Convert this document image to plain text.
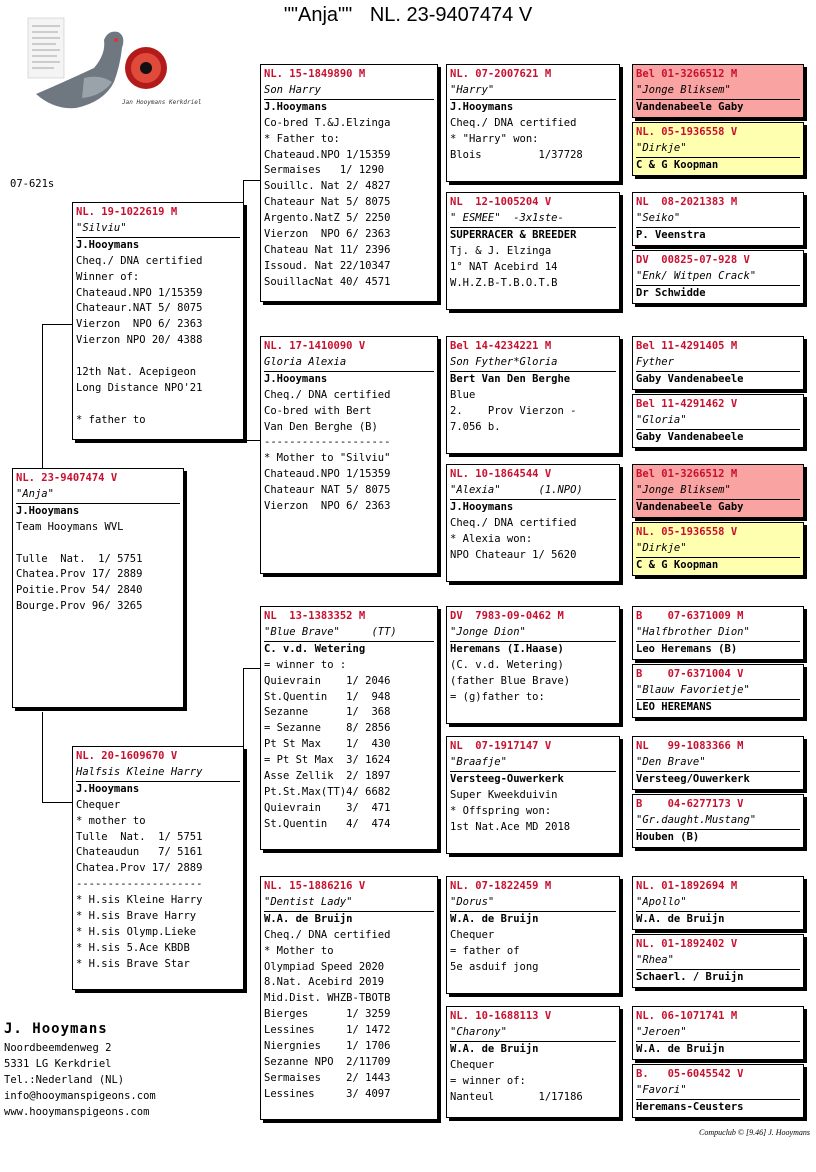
""Anja"" NL. 23-9407474 V
Jan Hooymans Kerkdriel
07-621s
NL. 23-9407474 V
"Anja"
J.Hooymans
Team Hooymans WVL

Tulle  Nat.  1/ 5751
Chatea.Prov 17/ 2889
Poitie.Prov 54/ 2840
Bourge.Prov 96/ 3265
NL. 19-1022619 M
"Silviu"
J.Hooymans
Cheq./ DNA certified
Winner of:
Chateaud.NPO 1/15359
Chateaur.NAT 5/ 8075
Vierzon  NPO 6/ 2363
Vierzon NPO 20/ 4388

12th Nat. Acepigeon
Long Distance NPO'21

* father to
NL. 20-1609670 V
Halfsis Kleine Harry
J.Hooymans
Chequer
* mother to
Tulle  Nat.  1/ 5751
Chateaudun   7/ 5161
Chatea.Prov 17/ 2889
--------------------
* H.sis Kleine Harry
* H.sis Brave Harry
* H.sis Olymp.Lieke
* H.sis 5.Ace KBDB
* H.sis Brave Star
NL. 15-1849890 M
Son Harry
J.Hooymans
Co-bred T.&J.Elzinga
* Father to:
Chateaud.NPO 1/15359
Sermaises   1/ 1290
Souillc. Nat 2/ 4827
Chateaur Nat 5/ 8075
Argento.NatZ 5/ 2250
Vierzon  NPO 6/ 2363
Chateau Nat 11/ 2396
Issoud. Nat 22/10347
SouillacNat 40/ 4571
NL. 17-1410090 V
Gloria Alexia
J.Hooymans
Cheq./ DNA certified
Co-bred with Bert
Van Den Berghe (B)
--------------------
* Mother to "Silviu"
Chateaud.NPO 1/15359
Chateaur NAT 5/ 8075
Vierzon  NPO 6/ 2363
NL  13-1383352 M
"Blue Brave"     (TT)
C. v.d. Wetering
= winner to :
Quievrain    1/ 2046
St.Quentin   1/  948
Sezanne      1/  368
= Sezanne    8/ 2856
Pt St Max    1/  430
= Pt St Max  3/ 1624
Asse Zellik  2/ 1897
Pt.St.Max(TT)4/ 6682
Quievrain    3/  471
St.Quentin   4/  474
NL. 15-1886216 V
"Dentist Lady"
W.A. de Bruijn
Cheq./ DNA certified
* Mother to
Olympiad Speed 2020
8.Nat. Acebird 2019
Mid.Dist. WHZB-TBOTB
Bierges      1/ 3259
Lessines     1/ 1472
Niergnies    1/ 1706
Sezanne NPO  2/11709
Sermaises    2/ 1443
Lessines     3/ 4097
NL. 07-2007621 M
"Harry"
J.Hooymans
Cheq./ DNA certified
* "Harry" won:
Blois         1/37728
NL  12-1005204 V
" ESMEE"  -3x1ste-
SUPERRACER & BREEDER
Tj. & J. Elzinga
1° NAT Acebird 14
W.H.Z.B-T.B.O.T.B
Bel 14-4234221 M
Son Fyther*Gloria
Bert Van Den Berghe
Blue
2.    Prov Vierzon -
7.056 b.
NL. 10-1864544 V
"Alexia"      (1.NPO)
J.Hooymans
Cheq./ DNA certified
* Alexia won:
NPO Chateaur 1/ 5620
DV  7983-09-0462 M
"Jonge Dion"
Heremans (I.Haase)
(C. v.d. Wetering)
(father Blue Brave)
= (g)father to:
NL  07-1917147 V
"Braafje"
Versteeg-Ouwerkerk
Super Kweekduivin
* Offspring won:
1st Nat.Ace MD 2018
NL. 07-1822459 M
"Dorus"
W.A. de Bruijn
Chequer
= father of
5e asduif jong
NL. 10-1688113 V
"Charony"
W.A. de Bruijn
Chequer
= winner of:
Nanteul       1/17186
Bel 01-3266512 M
"Jonge Bliksem"
Vandenabeele Gaby
NL. 05-1936558 V
"Dirkje"
C & G Koopman
NL  08-2021383 M
"Seiko"
P. Veenstra
DV  00825-07-928 V
"Enk/ Witpen Crack"
Dr Schwidde
Bel 11-4291405 M
Fyther
Gaby Vandenabeele
Bel 11-4291462 V
"Gloria"
Gaby Vandenabeele
Bel 01-3266512 M
"Jonge Bliksem"
Vandenabeele Gaby
NL. 05-1936558 V
"Dirkje"
C & G Koopman
B    07-6371009 M
"Halfbrother Dion"
Leo Heremans (B)
B    07-6371004 V
"Blauw Favorietje"
LEO HEREMANS
NL   99-1083366 M
"Den Brave"
Versteeg/Ouwerkerk
B    04-6277173 V
"Gr.daught.Mustang"
Houben (B)
NL. 01-1892694 M
"Apollo"
W.A. de Bruijn
NL. 01-1892402 V
"Rhea"
Schaerl. / Bruijn
NL. 06-1071741 M
"Jeroen"
W.A. de Bruijn
B.   05-6045542 V
"Favori"
Heremans-Ceusters
J. Hooymans
Noordbeemdenweg 2
5331 LG Kerkdriel
Tel.:Nederland (NL)
info@hooymanspigeons.com
www.hooymanspigeons.com
Compuclub © [9.46] J. Hooymans
